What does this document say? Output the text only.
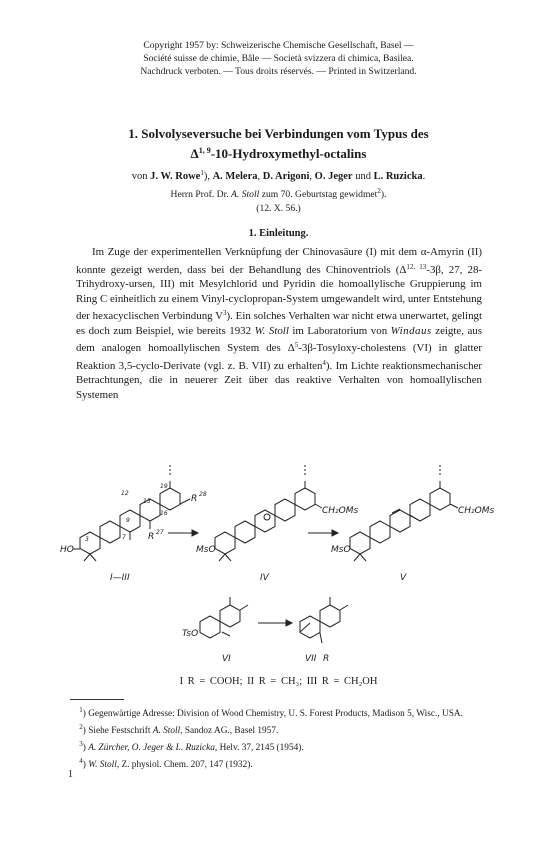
Copyright 1957 by: Schweizerische Chemische Gesellschaft, Basel —
Société suisse de chimie, Bâle — Società svizzera di chimica, Basilea.
Nachdruck verboten. — Tous droits réservés. — Printed in Switzerland.
1. Solvolyseversuche bei Verbindungen vom Typus des
Δ$^{1, 9}$-10-Hydroxymethyl-octalins
von J. W. Rowe$^1$), A. Melera, D. Arigoni, O. Jeger und L. Ruzicka.
Herrn Prof. Dr. A. Stoll zum 70. Geburtstag gewidmet$^2$).
(12. X. 56.)
1. Einleitung.

Im Zuge der experimentellen Verknüpfung der Chinovasäure (I) mit dem α-Amyrin (II) konnte gezeigt werden, dass bei der Behandlung des Chinoventriols ($\Delta^{12, 13}-3\beta$, 27, 28-Trihydroxy-ursen, III) mit Mesylchlorid und Pyridin die homoallylische Gruppierung im Ring C einheitlich zu einem Vinyl-cyclopropan-System umgewandelt wird, unter Entstehung der hexacyclischen Verbindung $V^3$). Ein solches Verhalten war nicht etwa unerwartet, gelingt es doch zum Beispiel, wie bereits 1932 W. Stoll im Laboratorium von Windaus zeigte, aus dem analogen homoallylischen System des $\Delta^5-3\beta-Tosyloxy$-cholestens (VI) in glatter Reaktion 3,5-cyclo-Derivate (vgl. z. B. VII) zu erhalten$^4$). Im Lichte reaktionsmechanischer Betrachtungen, die in neuerer Zeit über das reaktive Verhalten von homoallylischen Systemen

HO
R 28
R 27
3	7
9
12
13
16
19
I—III
MsO
CH₂OMs
IV
MsO
CH₂OMs
V
TsO
VI	VII R
I R = COOH; II R = CH₃; III R = CH₂OH

$^1$) Gegenwärtige Adresse: Division of Wood Chemistry, U. S. Forest Products, Madison 5, Wisc., USA.

$^2$) Siehe Festschrift A. Stoll, Sandoz AG., Basel 1957.

$^3$) A. Zürcher, O. Jeger & L. Ruzicka, Helv. 37, 2145 (1954).

$^4$) W. Stoll, Z. physiol. Chem. 207, 147 (1932).

1
